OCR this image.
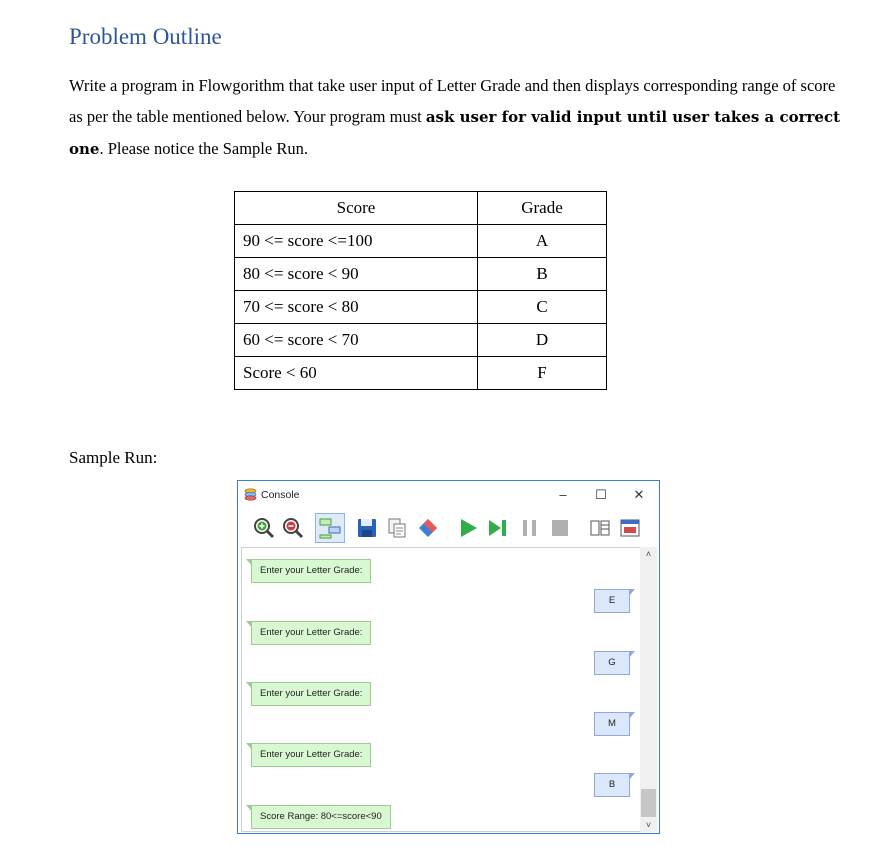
Problem Outline
Write a program in Flowgorithm that take user input of Letter Grade and then displays corresponding range of score as per the table mentioned below. Your program must ask user for valid input until user takes a correct one. Please notice the Sample Run.
Score	Grade
90 <= score <=100	A
80 <= score < 90	B
70 <= score < 80	C
60 <= score < 70	D
Score < 60	F
Sample Run:
Console	–	☐	✕
Enter your Letter Grade:
E
Enter your Letter Grade:
G
Enter your Letter Grade:
M
Enter your Letter Grade:
B
Score Range: 80<=score<90
˄
˅
